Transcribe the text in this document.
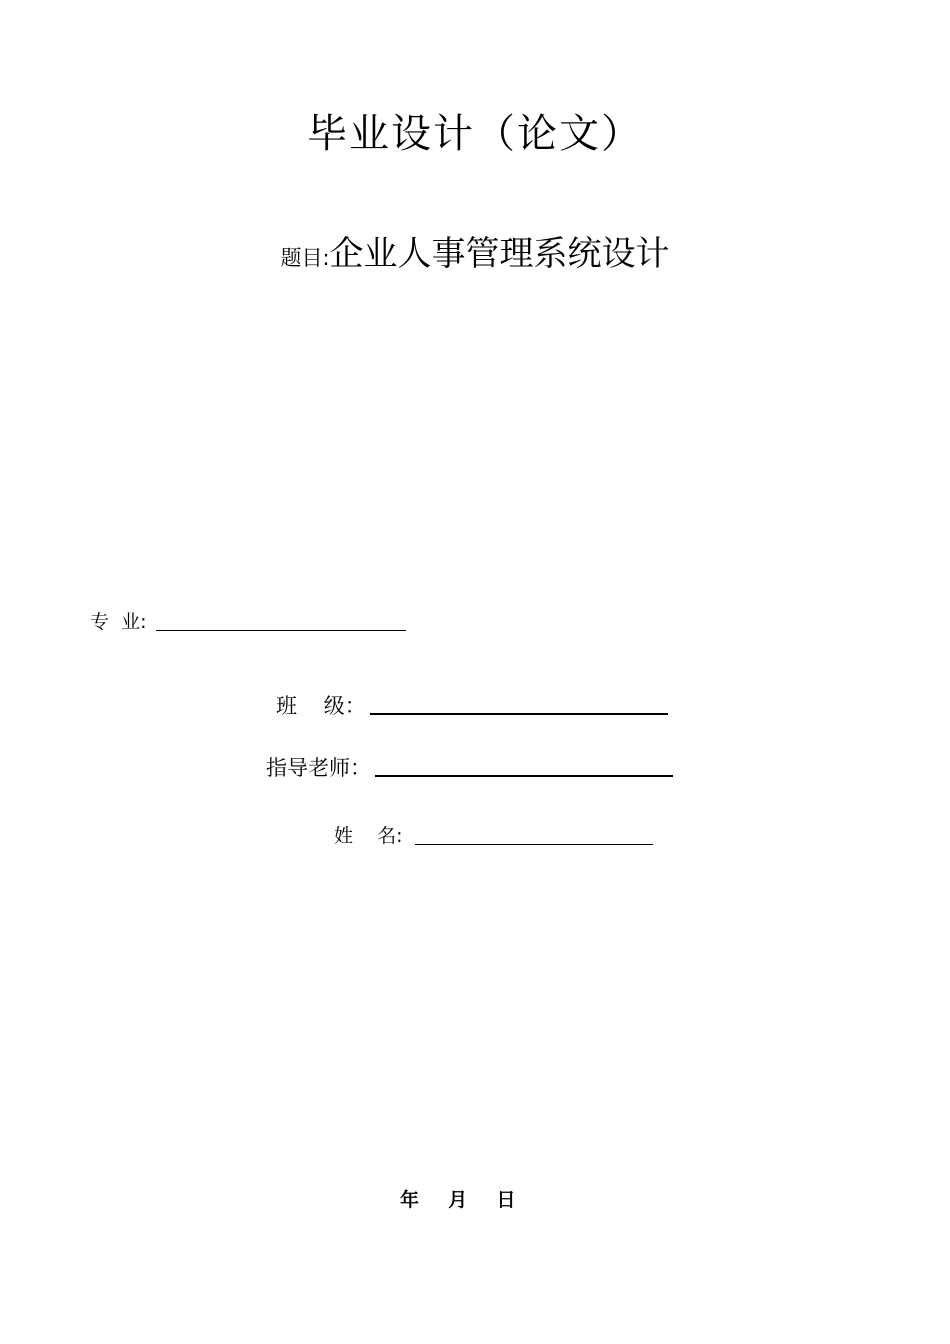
毕业设计（论文）
题目:企业人事管理系统设计
专  业:
班    级：
指导老师：
姓    名:
年 月 日
